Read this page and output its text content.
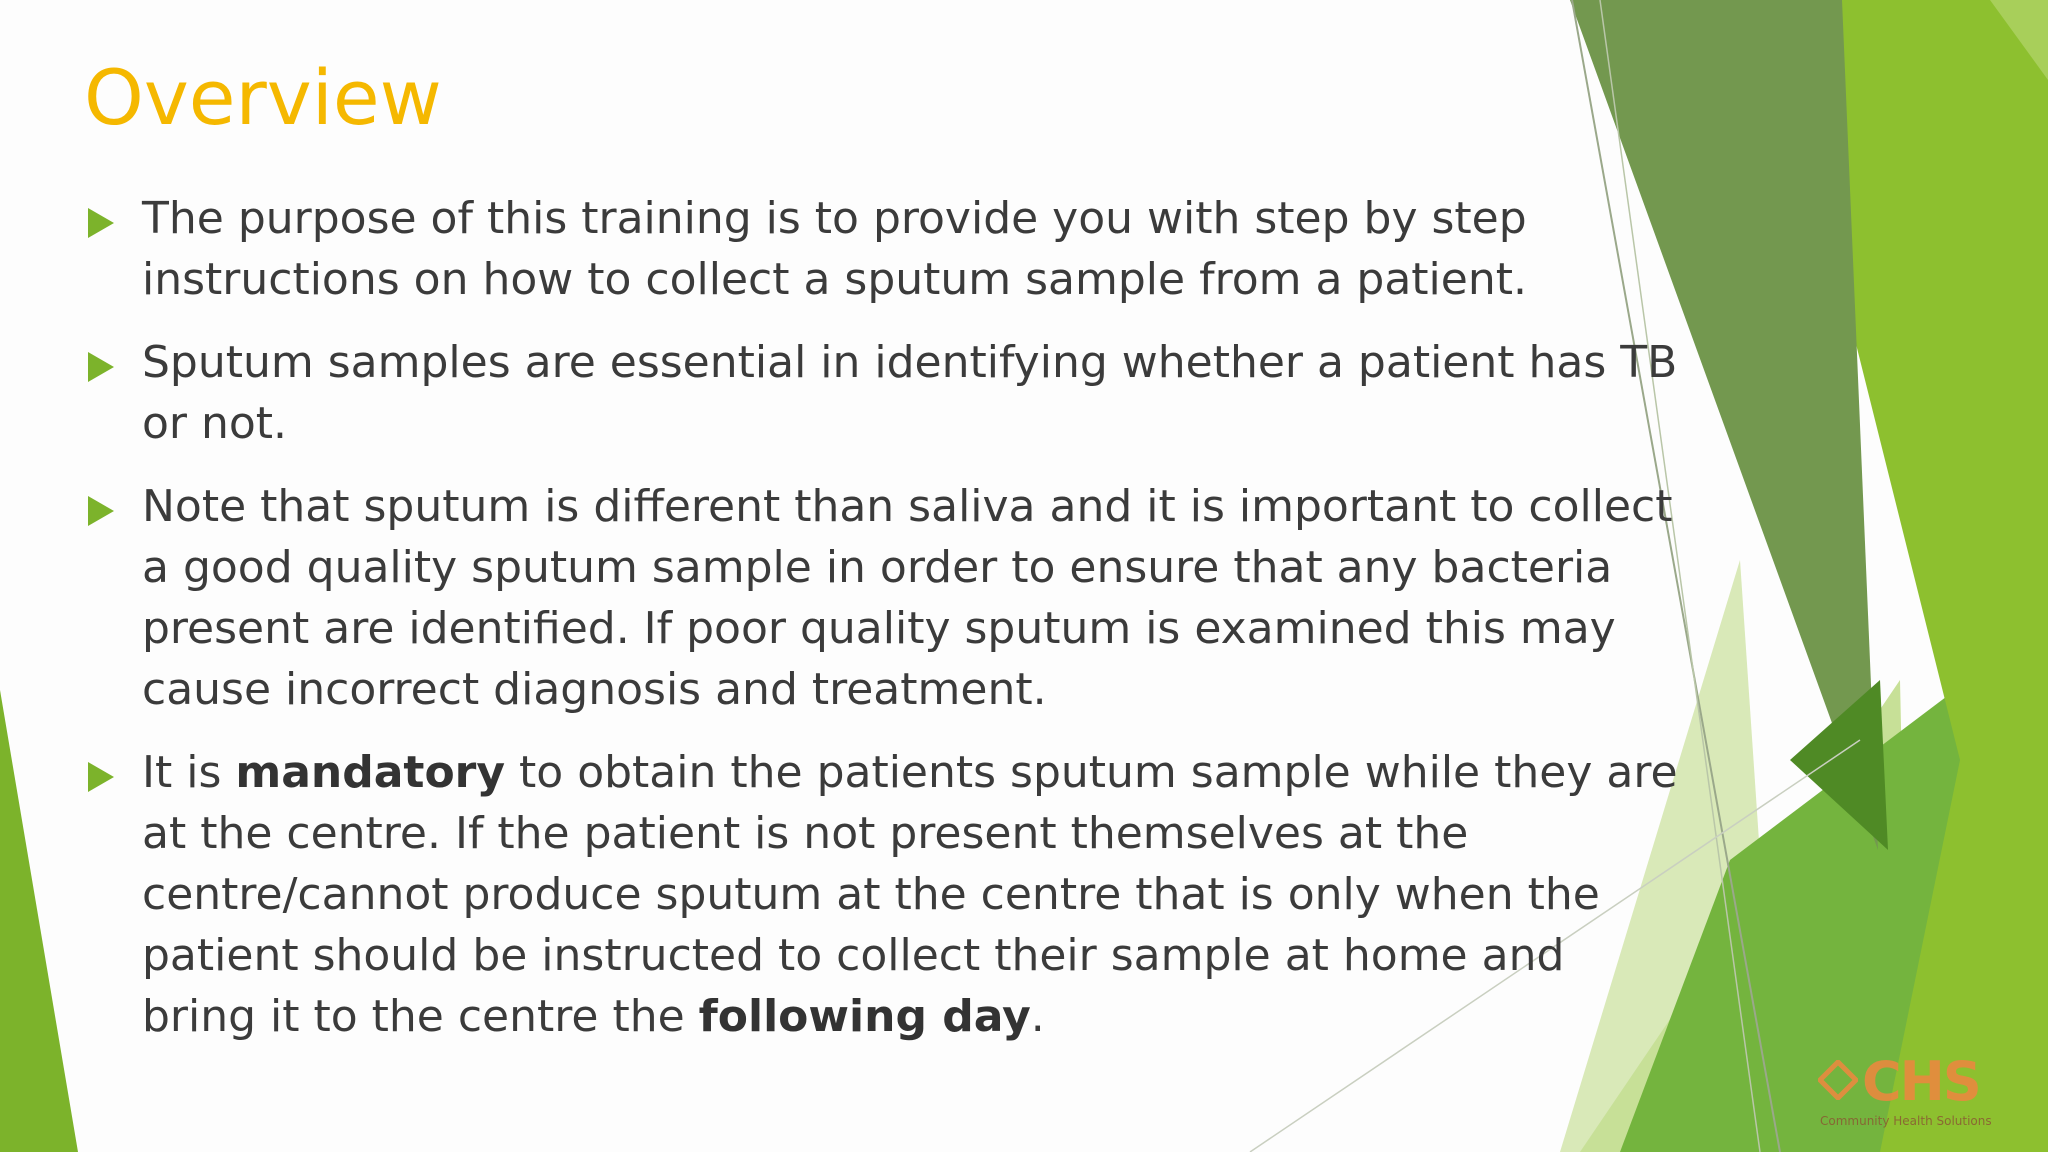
Overview
The purpose of this training is to provide you with step by step instructions on how to collect a sputum sample from a patient.
Sputum samples are essential in identifying whether a patient has TB or not.
Note that sputum is different than saliva and it is important to collect a good quality sputum sample in order to ensure that any bacteria present are identified. If poor quality sputum is examined this may cause incorrect diagnosis and treatment.
It is mandatory to obtain the patients sputum sample while they are at the centre. If the patient is not present themselves at the centre/cannot produce sputum at the centre that is only when the patient should be instructed to collect their sample at home and bring it to the centre the following day.
CHS
Community Health Solutions
